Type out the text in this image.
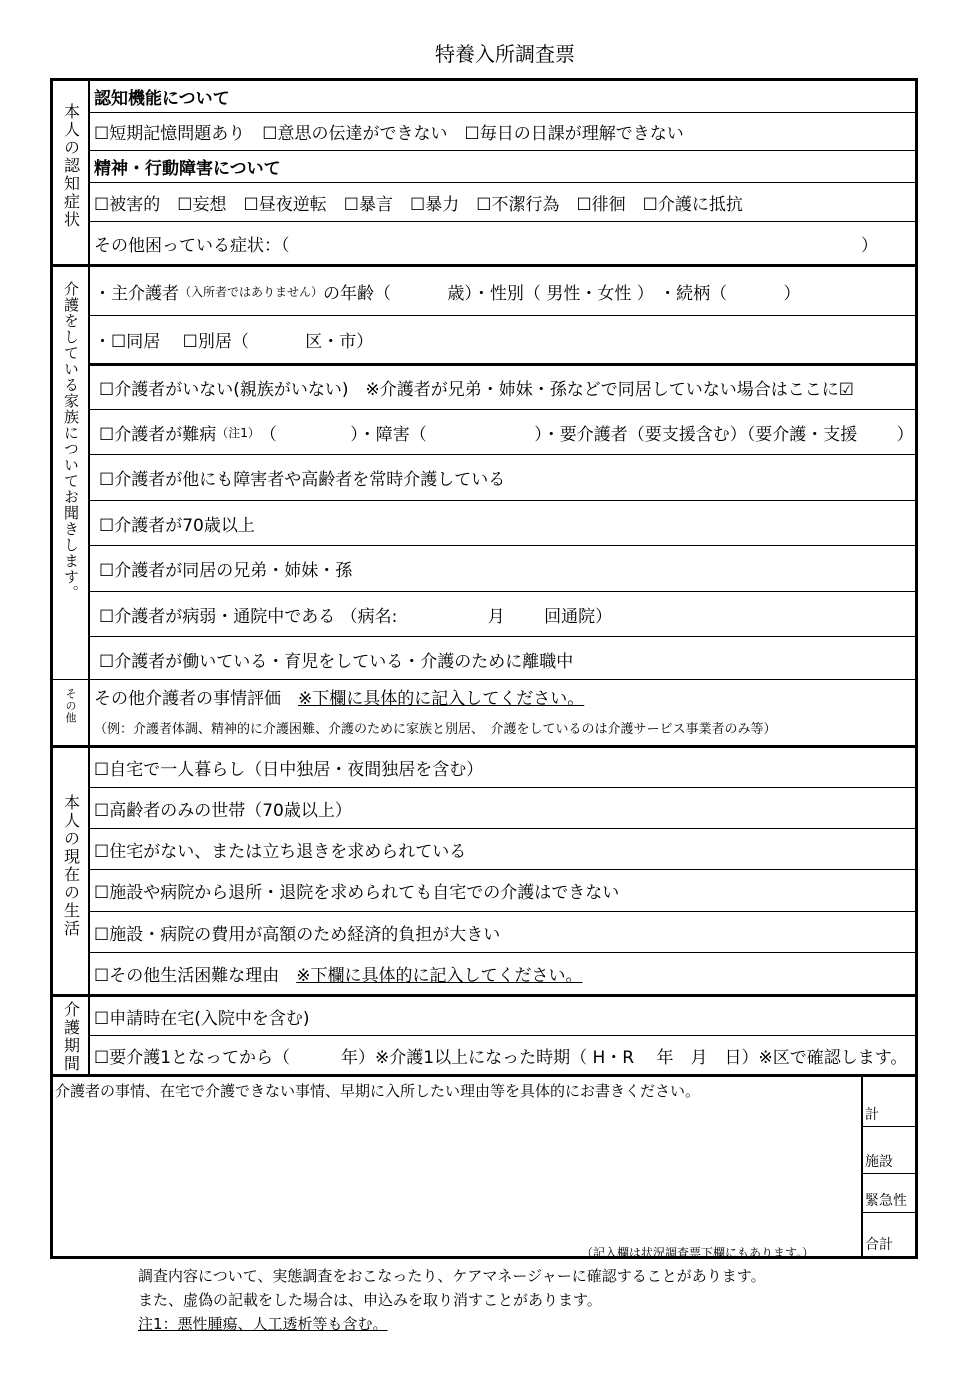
特養入所調査票
本人の認知症状
認知機能について
☐短期記憶問題あり　☐意思の伝達ができない　☐毎日の日課が理解できない
精神・行動障害について
☐被害的　☐妄想　☐昼夜逆転　☐暴言　☐暴力　☐不潔行為　☐徘徊　☐介護に抵抗
その他困っている症状：（	）
介護をしている家族についてお聞きします。 ・主介護者 （入所者ではありません） の年齢（　　　 歳）・性別（ 男性・女性 ） ・続柄（　　　 ）
・☐同居　 ☐別居（　　　 区・市）
☐介護者がいない(親族がいない)　※介護者が兄弟・姉妹・孫などで同居していない場合はここに☑
☐介護者が難病 （注1） （　　　　 ）・障害（　　　　　　 ）・要介護者（要支援含む）（要介護・支援　　 ）
☐介護者が他にも障害者や高齢者を常時介護している
☐介護者が70歳以上
☐介護者が同居の兄弟・姉妹・孫
☐介護者が病弱・通院中である （病名:　　　　　 月　　 回通院）
☐介護者が働いている・育児をしている・介護のために離職中
その他 その他介護者の事情評価　 ※下欄に具体的に記入してください。
（例：介護者体調、精神的に介護困難、介護のために家族と別居、　介護をしているのは介護サービス事業者のみ等）
本人の現在の生活
☐自宅で一人暮らし（日中独居・夜間独居を含む）
☐高齢者のみの世帯（70歳以上）
☐住宅がない、または立ち退きを求められている
☐施設や病院から退所・退院を求められても自宅での介護はできない
☐施設・病院の費用が高額のため経済的負担が大きい
☐その他生活困難な理由　 ※下欄に具体的に記入してください。
介護期間 ☐申請時在宅(入院中を含む)
☐要介護1となってから（　　　年）※介護1以上になった時期（ H・R　 年　月　日）※区で確認します。
介護者の事情、在宅で介護できない事情、早期に入所したい理由等を具体的にお書きください。
（記入欄は状況調査票下欄にもあります。）
計
施設
緊急性
合計
調査内容について、実態調査をおこなったり、ケアマネージャーに確認することがあります。
また、虚偽の記載をした場合は、申込みを取り消すことがあります。
注1：悪性腫瘍、人工透析等も含む。
